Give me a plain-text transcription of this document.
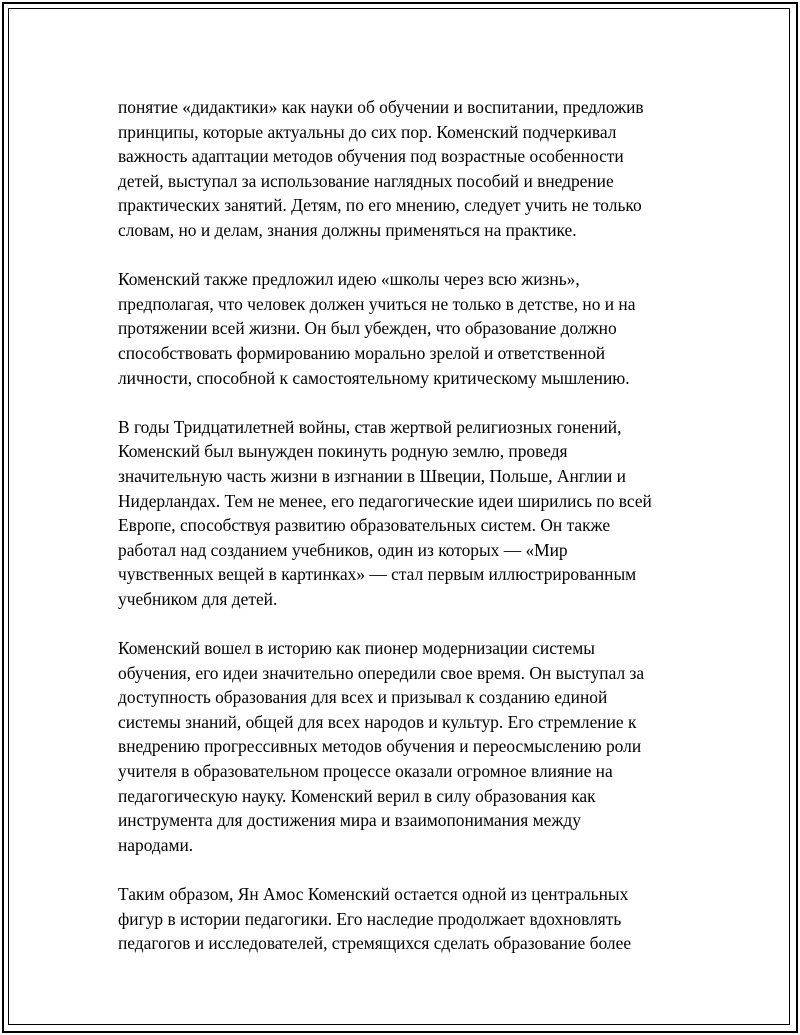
понятие «дидактики» как науки об обучении и воспитании, предложив
принципы, которые актуальны до сих пор. Коменский подчеркивал
важность адаптации методов обучения под возрастные особенности
детей, выступал за использование наглядных пособий и внедрение
практических занятий. Детям, по его мнению, следует учить не только
словам, но и делам, знания должны применяться на практике.

Коменский также предложил идею «школы через всю жизнь»,
предполагая, что человек должен учиться не только в детстве, но и на
протяжении всей жизни. Он был убежден, что образование должно
способствовать формированию морально зрелой и ответственной
личности, способной к самостоятельному критическому мышлению.

В годы Тридцатилетней войны, став жертвой религиозных гонений,
Коменский был вынужден покинуть родную землю, проведя
значительную часть жизни в изгнании в Швеции, Польше, Англии и
Нидерландах. Тем не менее, его педагогические идеи ширились по всей
Европе, способствуя развитию образовательных систем. Он также
работал над созданием учебников, один из которых — «Мир
чувственных вещей в картинках» — стал первым иллюстрированным
учебником для детей.

Коменский вошел в историю как пионер модернизации системы
обучения, его идеи значительно опередили свое время. Он выступал за
доступность образования для всех и призывал к созданию единой
системы знаний, общей для всех народов и культур. Его стремление к
внедрению прогрессивных методов обучения и переосмыслению роли
учителя в образовательном процессе оказали огромное влияние на
педагогическую науку. Коменский верил в силу образования как
инструмента для достижения мира и взаимопонимания между
народами.

Таким образом, Ян Амос Коменский остается одной из центральных
фигур в истории педагогики. Его наследие продолжает вдохновлять
педагогов и исследователей, стремящихся сделать образование более
